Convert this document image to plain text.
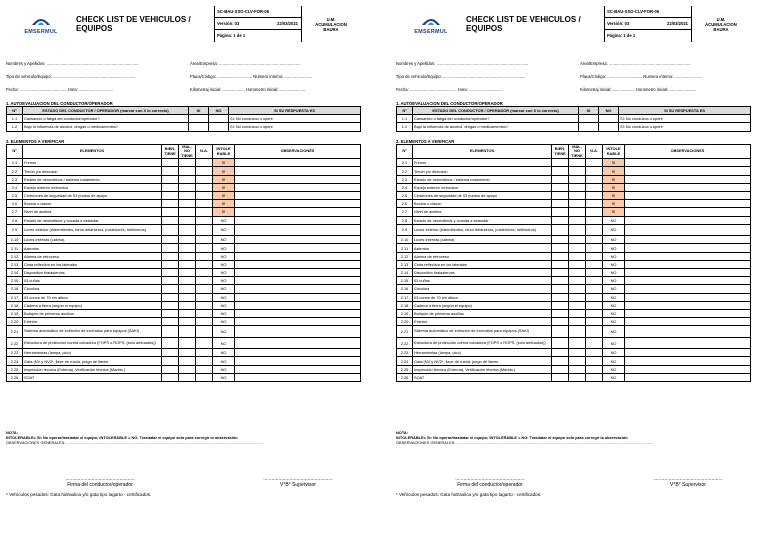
EMSERMUL
CHECK LIST DE VEHICULOS / EQUIPOS
SC-BAU-SSO-CLV-FOR-06
Versión: 03	22/03/2021
Página: 1 de 1
U.M.
ACUMULACION
BAURA
Nombres y Apellidos: ...............................................................................	Área/Empresa: ......................................................................
Tipo de vehiculo/Equipo: .......................................................................	Placa/Código: .............................. Numero interno:.........................
Fecha: ........................................ Hora: .............................	Kilometraj inicial: ................... Horometro inicial:........................
1. AUTOEVALUACION DEL CONDUCTOR/OPERADOR
N°	ESTADO DEL CONDUCTOR / OPERADOR (marcar con X lo correcto)	SI	NO	SI SU RESPUESTA ES
1.1	Cansancio o fatiga del conductor/operador?			SI: No conduzca u opere
1.2	Bajo la influencia de alcohol, drogas o medicamentos?			SI: No conduzca u opere
2. ELEMENTOS A VERIFICAR
N°	ELEMENTOS	BIEN, TIENE	MAL, NO TIENE	N.A.	INTOLE RABLE	OBSERVACIONES
2.1	Frenos				SI	
2.2	Timón y/o dirección				SI	
2.3	Estado de neumáticos / sistema rodamiento				SI	
2.4	Espejo exterior /retrovisor				SI	
2.5	Cinturones de seguridad de 03 puntos de apoyo				SI	
2.6	Bocina o claxon				SI	
2.7	Nivel de aceites				SI	
2.8	Estado de neumáticos y cocada a estandar				NO	
2.9	Luces exterior (intermitentes, faros delanteros, posteriores, neblineros)				NO	
2.10	Luces internas (cabina)				NO	
2.11	Asientos				NO	
2.12	Alarma de retroceso				NO	
2.13	Cinta reflectiva en los laterales				NO	
2.14	Dispositivo tiralasiervas				NO	
2.15	03 cuñas				NO	
2.16	Circulina				NO	
2.17	03 conos de 70 cm altura				NO	
2.18	Cadena a tierra (según el equipo)				NO	
2.19	Botiquín de primeros auxilios				NO	
2.20	Extintor				NO	
2.21	Sistema automático de extinción de incendios para equipos (SAKI)				NO	
2.22	Estructura de protección contra volcadura (FOPS o ROPS, (solo amtuados))				NO	
2.23	Herramientas (lampa, pico)				NO	
2.24	Gata (NV y NV2*, llave de rueda, juego de llaves				NO	
2.25	Inspección técnica (Externa), Verificación técnica (Mantto.)				NO	
2.26	SOAT				NO	
NOTA:
INTOLERABLE= SI: No operar/trasladar el equipo; INTOLERABLE = NO: Trasladar el equipo solo para corregir la observación
OBSERVACIONES GENERALES: ......................................................................................................................................................................................
..................................................
Firma del conductor/operador
..................................................
V°B° Supervisor
* Vehículos pesados: Gata hidraulica y/o gata tipo lagarto - certificados.
EMSERMUL
CHECK LIST DE VEHICULOS / EQUIPOS
SC-BAU-SSO-CLV-FOR-06
Versión: 03	22/03/2021
Página: 1 de 1
U.M.
ACUMULACION
BAURA
Nombres y Apellidos: ...............................................................................	Área/Empresa: ......................................................................
Tipo de vehiculo/Equipo: .......................................................................	Placa/Código: .............................. Numero interno:.........................
Fecha: ........................................ Hora: .............................	Kilometraj inicial: ................... Horometro inicial:........................
1. AUTOEVALUACION DEL CONDUCTOR/OPERADOR
N°	ESTADO DEL CONDUCTOR / OPERADOR (marcar con X lo correcto)	SI	NO	SI SU RESPUESTA ES
1.1	Cansancio o fatiga del conductor/operador?			SI: No conduzca u opere
1.2	Bajo la influencia de alcohol, drogas o medicamentos?			SI: No conduzca u opere
2. ELEMENTOS A VERIFICAR
N°	ELEMENTOS	BIEN, TIENE	MAL, NO TIENE	N.A.	INTOLE RABLE	OBSERVACIONES
2.1	Frenos				SI	
2.2	Timón y/o dirección				SI	
2.3	Estado de neumáticos / sistema rodamiento				SI	
2.4	Espejo exterior /retrovisor				SI	
2.5	Cinturones de seguridad de 03 puntos de apoyo				SI	
2.6	Bocina o claxon				SI	
2.7	Nivel de aceites				SI	
2.8	Estado de neumáticos y cocada a estandar				NO	
2.9	Luces exterior (intermitentes, faros delanteros, posteriores, neblineros)				NO	
2.10	Luces internas (cabina)				NO	
2.11	Asientos				NO	
2.12	Alarma de retroceso				NO	
2.13	Cinta reflectiva en los laterales				NO	
2.14	Dispositivo tiralasiervas				NO	
2.15	03 cuñas				NO	
2.16	Circulina				NO	
2.17	03 conos de 70 cm altura				NO	
2.18	Cadena a tierra (según el equipo)				NO	
2.19	Botiquín de primeros auxilios				NO	
2.20	Extintor				NO	
2.21	Sistema automático de extinción de incendios para equipos (SAKI)				NO	
2.22	Estructura de protección contra volcadura (FOPS o ROPS, (solo amtuados))				NO	
2.23	Herramientas (lampa, pico)				NO	
2.24	Gata (NV y NV2*, llave de rueda, juego de llaves				NO	
2.25	Inspección técnica (Externa), Verificación técnica (Mantto.)				NO	
2.26	SOAT				NO	
NOTA:
INTOLERABLE= SI: No operar/trasladar el equipo; INTOLERABLE = NO: Trasladar el equipo solo para corregir la observación
OBSERVACIONES GENERALES: ......................................................................................................................................................................................
..................................................
Firma del conductor/operador
..................................................
V°B° Supervisor
* Vehículos pesados: Gata hidraulica y/o gata tipo lagarto - certificados.
